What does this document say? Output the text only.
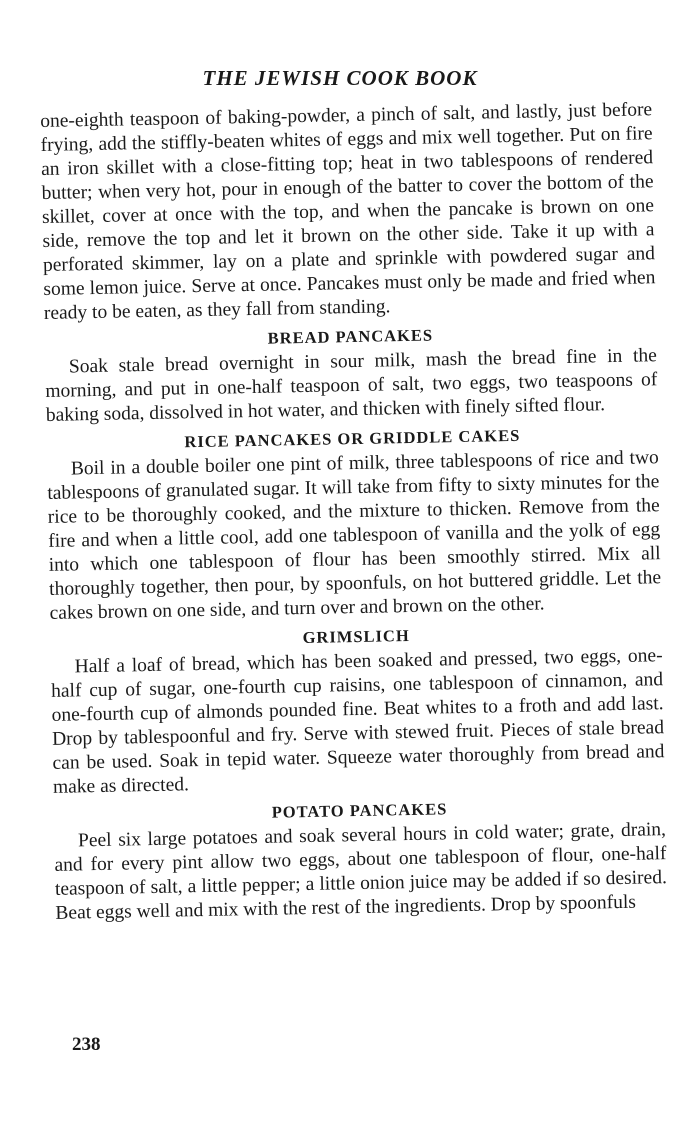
THE JEWISH COOK BOOK

one-eighth teaspoon of baking-powder, a pinch of salt, and lastly, just before frying, add the stiffly-beaten whites of eggs and mix well together. Put on fire an iron skillet with a close-fitting top; heat in two tablespoons of rendered butter; when very hot, pour in enough of the batter to cover the bottom of the skillet, cover at once with the top, and when the pancake is brown on one side, remove the top and let it brown on the other side. Take it up with a perforated skimmer, lay on a plate and sprinkle with powdered sugar and some lemon juice. Serve at once. Pancakes must only be made and fried when ready to be eaten, as they fall from standing.

BREAD PANCAKES

Soak stale bread overnight in sour milk, mash the bread fine in the morning, and put in one-half teaspoon of salt, two eggs, two teaspoons of baking soda, dissolved in hot water, and thicken with finely sifted flour.

RICE PANCAKES OR GRIDDLE CAKES

Boil in a double boiler one pint of milk, three tablespoons of rice and two tablespoons of granulated sugar. It will take from fifty to sixty minutes for the rice to be thoroughly cooked, and the mixture to thicken. Remove from the fire and when a little cool, add one tablespoon of vanilla and the yolk of egg into which one tablespoon of flour has been smoothly stirred. Mix all thoroughly together, then pour, by spoonfuls, on hot buttered griddle. Let the cakes brown on one side, and turn over and brown on the other.

GRIMSLICH

Half a loaf of bread, which has been soaked and pressed, two eggs, one-half cup of sugar, one-fourth cup raisins, one tablespoon of cinnamon, and one-fourth cup of almonds pounded fine. Beat whites to a froth and add last. Drop by tablespoonful and fry. Serve with stewed fruit. Pieces of stale bread can be used. Soak in tepid water. Squeeze water thoroughly from bread and make as directed.

POTATO PANCAKES

Peel six large potatoes and soak several hours in cold water; grate, drain, and for every pint allow two eggs, about one tablespoon of flour, one-half teaspoon of salt, a little pepper; a little onion juice may be added if so desired. Beat eggs well and mix with the rest of the ingredients. Drop by spoonfuls

238
